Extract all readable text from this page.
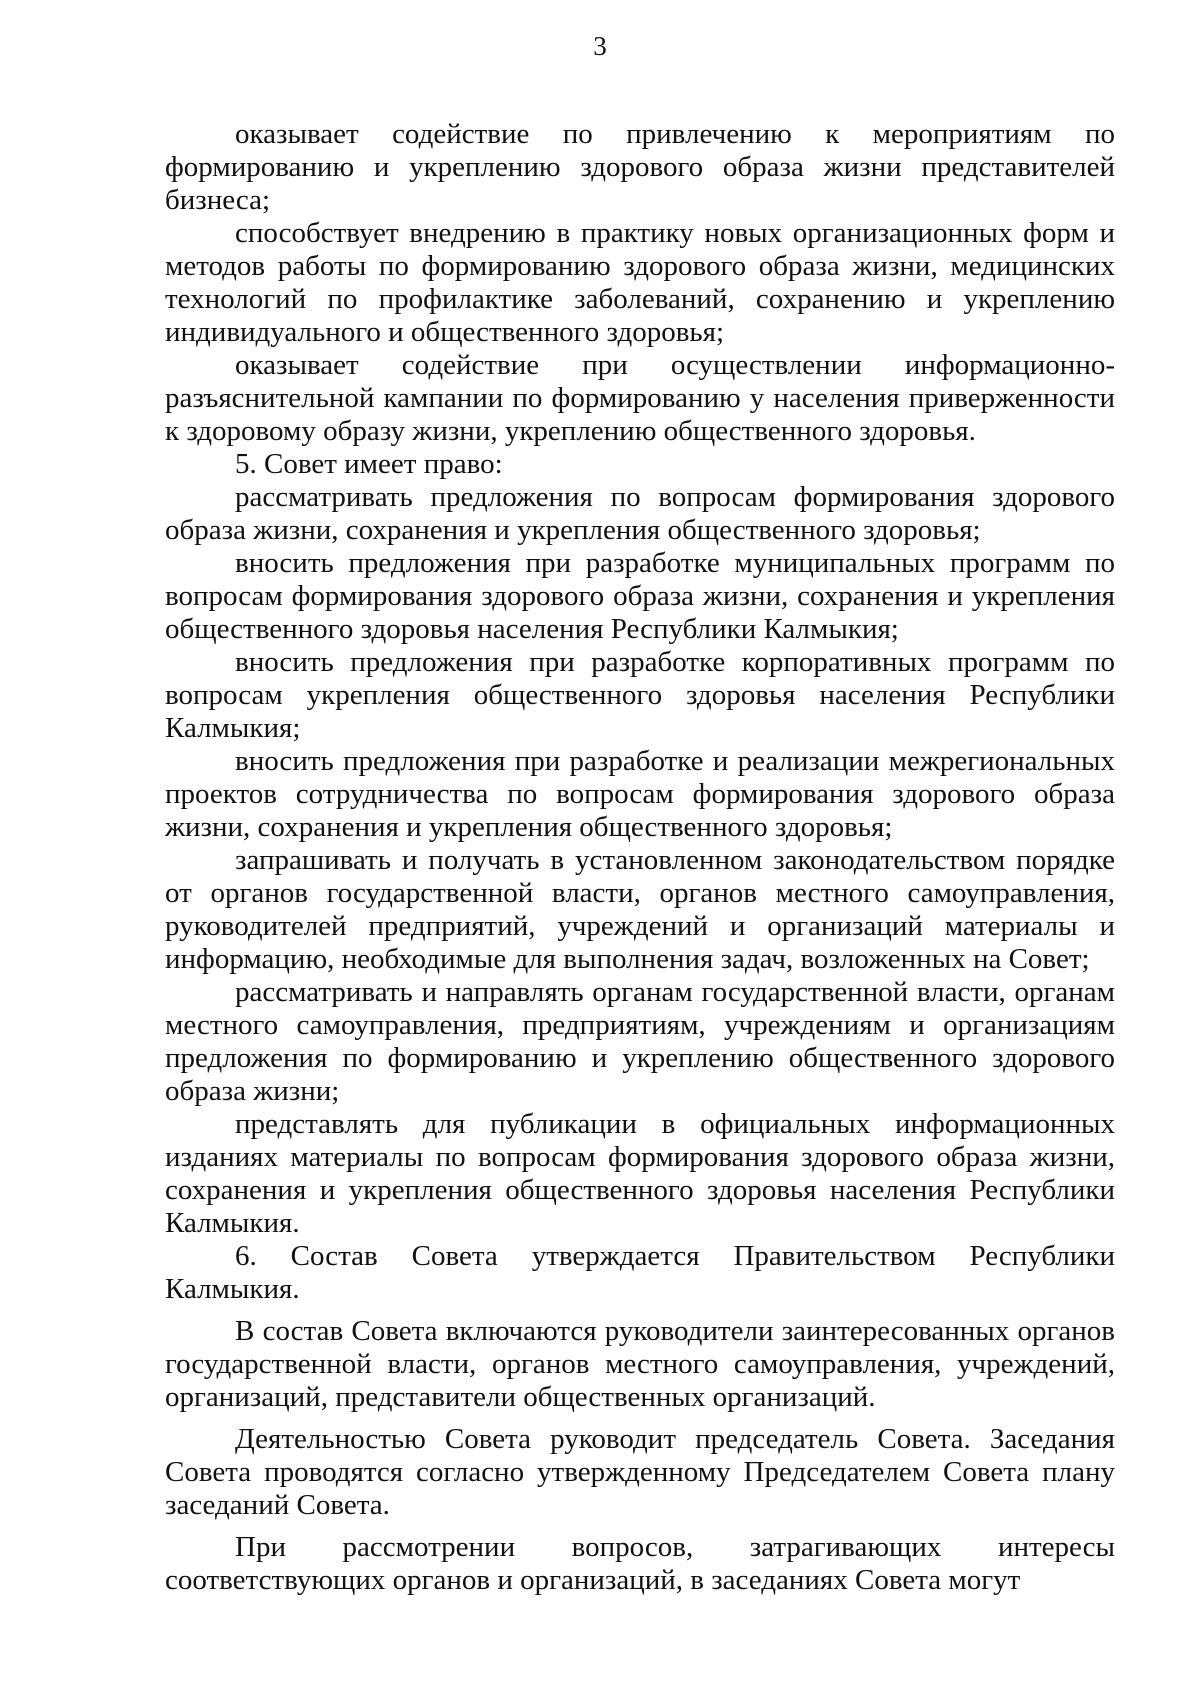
3

оказывает содействие по привлечению к мероприятиям по формированию и укреплению здорового образа жизни представителей бизнеса;

способствует внедрению в практику новых организационных форм и методов работы по формированию здорового образа жизни, медицинских технологий по профилактике заболеваний, сохранению и укреплению индивидуального и общественного здоровья;

оказывает содействие при осуществлении информационно-разъяснительной кампании по формированию у населения приверженности к здоровому образу жизни, укреплению общественного здоровья.

5. Совет имеет право:

рассматривать предложения по вопросам формирования здорового образа жизни, сохранения и укрепления общественного здоровья;

вносить предложения при разработке муниципальных программ по вопросам формирования здорового образа жизни, сохранения и укрепления общественного здоровья населения Республики Калмыкия;

вносить предложения при разработке корпоративных программ по вопросам укрепления общественного здоровья населения Республики Калмыкия;

вносить предложения при разработке и реализации межрегиональных проектов сотрудничества по вопросам формирования здорового образа жизни, сохранения и укрепления общественного здоровья;

запрашивать и получать в установленном законодательством порядке от органов государственной власти, органов местного самоуправления, руководителей предприятий, учреждений и организаций материалы и информацию, необходимые для выполнения задач, возложенных на Совет;

рассматривать и направлять органам государственной власти, органам местного самоуправления, предприятиям, учреждениям и организациям предложения по формированию и укреплению общественного здорового образа жизни;

представлять для публикации в официальных информационных изданиях материалы по вопросам формирования здорового образа жизни, сохранения и укрепления общественного здоровья населения Республики Калмыкия.

6. Состав Совета утверждается Правительством Республики Калмыкия.

В состав Совета включаются руководители заинтересованных органов государственной власти, органов местного самоуправления, учреждений, организаций, представители общественных организаций.

Деятельностью Совета руководит председатель Совета. Заседания Совета проводятся согласно утвержденному Председателем Совета плану заседаний Совета.

При рассмотрении вопросов, затрагивающих интересы соответствующих органов и организаций, в заседаниях Совета могут
